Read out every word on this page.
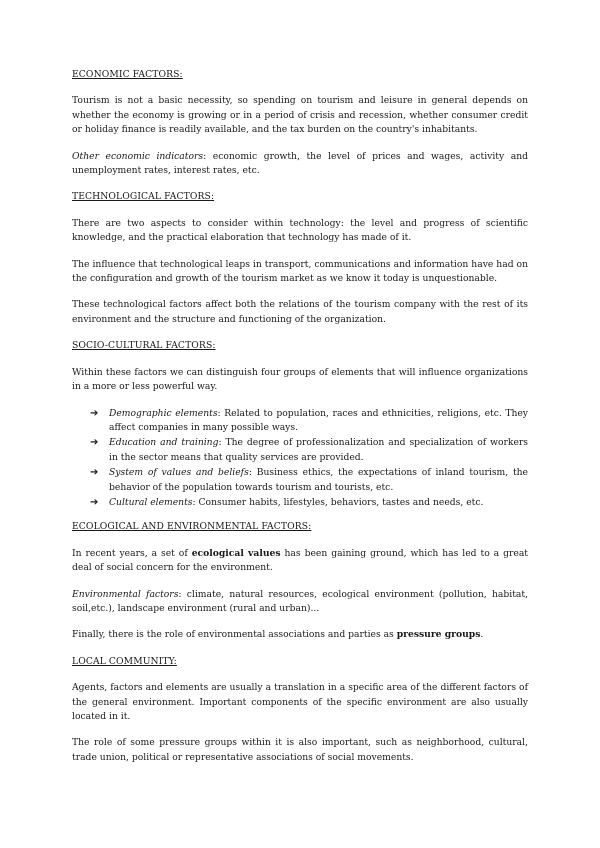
ECONOMIC FACTORS:

Tourism is not a basic necessity, so spending on tourism and leisure in general depends on whether the economy is growing or in a period of crisis and recession, whether consumer credit or holiday finance is readily available, and the tax burden on the country's inhabitants.

Other economic indicators: economic growth, the level of prices and wages, activity and unemployment rates, interest rates, etc.

TECHNOLOGICAL FACTORS:

There are two aspects to consider within technology: the level and progress of scientific knowledge, and the practical elaboration that technology has made of it.

The influence that technological leaps in transport, communications and information have had on the configuration and growth of the tourism market as we know it today is unquestionable.

These technological factors affect both the relations of the tourism company with the rest of its environment and the structure and functioning of the organization.

SOCIO-CULTURAL FACTORS:

Within these factors we can distinguish four groups of elements that will influence organizations in a more or less powerful way.

➔ Demographic elements: Related to population, races and ethnicities, religions, etc. They affect companies in many possible ways.
➔ Education and training: The degree of professionalization and specialization of workers in the sector means that quality services are provided.
➔ System of values and beliefs: Business ethics, the expectations of inland tourism, the behavior of the population towards tourism and tourists, etc.
➔ Cultural elements: Consumer habits, lifestyles, behaviors, tastes and needs, etc.

ECOLOGICAL AND ENVIRONMENTAL FACTORS:

In recent years, a set of ecological values has been gaining ground, which has led to a great deal of social concern for the environment.

Environmental factors: climate, natural resources, ecological environment (pollution, habitat, soil,etc.), landscape environment (rural and urban)...

Finally, there is the role of environmental associations and parties as pressure groups.

LOCAL COMMUNITY:

Agents, factors and elements are usually a translation in a specific area of the different factors of the general environment. Important components of the specific environment are also usually located in it.

The role of some pressure groups within it is also important, such as neighborhood, cultural, trade union, political or representative associations of social movements.
